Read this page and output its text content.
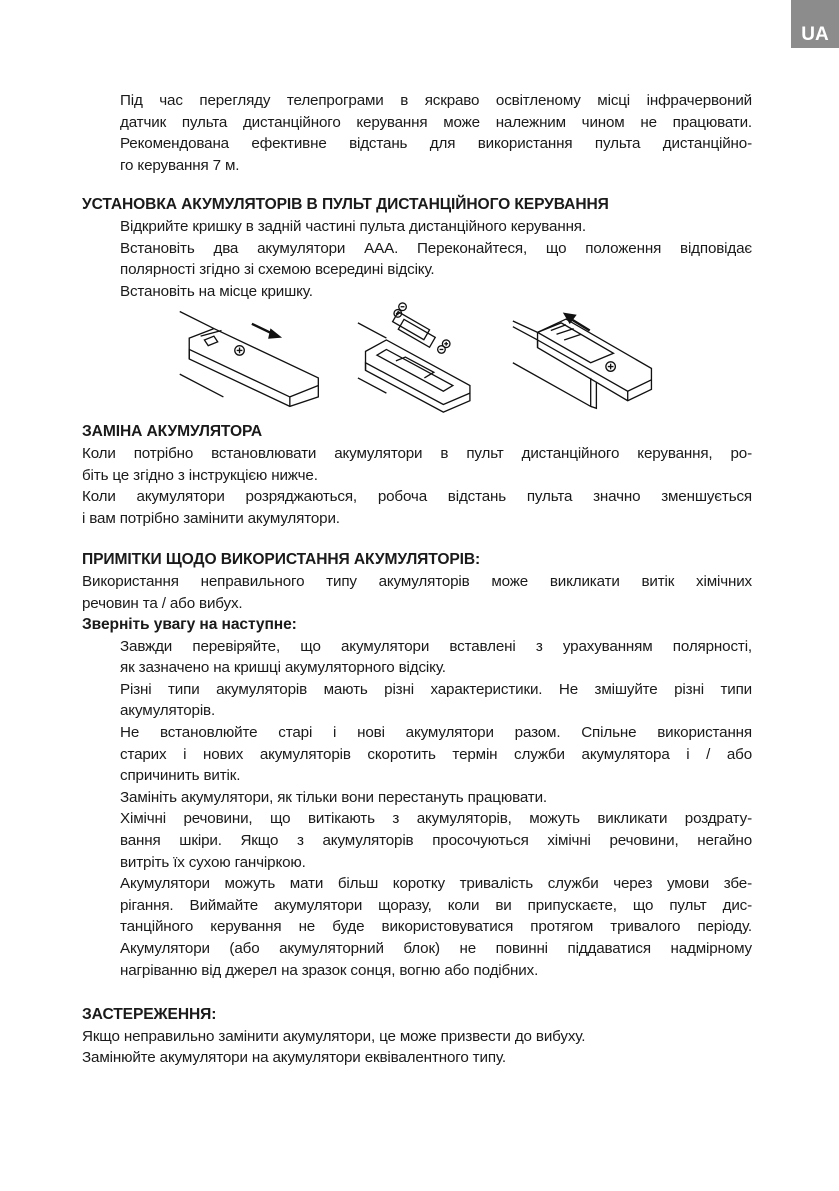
UA
Під час перегляду телепрограми в яскраво освітленому місці інфрачервоний
датчик пульта дистанційного керування може належним чином не працювати.
Рекомендована ефективне відстань для використання пульта дистанційно-
го керування 7 м.
УСТАНОВКА АКУМУЛЯТОРІВ В ПУЛЬТ ДИСТАНЦІЙНОГО КЕРУВАННЯ
Відкрийте кришку в задній частині пульта дистанційного керування.
Встановіть два акумулятори ААА. Переконайтеся, що положення відповідає
полярності згідно зі схемою всередині відсіку.
Встановіть на місце кришку.
ЗАМІНА АКУМУЛЯТОРА
Коли потрібно встановлювати акумулятори в пульт дистанційного керування, ро-
біть це згідно з інструкцією нижче.
Коли акумулятори розряджаються, робоча відстань пульта значно зменшується
і вам потрібно замінити акумулятори.
ПРИМІТКИ ЩОДО ВИКОРИСТАННЯ АКУМУЛЯТОРІВ:
Використання неправильного типу акумуляторів може викликати витік хімічних
речовин та / або вибух.
Зверніть увагу на наступне:
Завжди перевіряйте, що акумулятори вставлені з урахуванням полярності,
як зазначено на кришці акумуляторного відсіку.
Різні типи акумуляторів мають різні характеристики. Не змішуйте різні типи
акумуляторів.
Не встановлюйте старі і нові акумулятори разом. Спільне використання
старих і нових акумуляторів скоротить термін служби акумулятора і / або
спричинить витік.
Замініть акумулятори, як тільки вони перестануть працювати.
Хімічні речовини, що витікають з акумуляторів, можуть викликати роздрату-
вання шкіри. Якщо з акумуляторів просочуються хімічні речовини, негайно
витріть їх сухою ганчіркою.
Акумулятори можуть мати більш коротку тривалість служби через умови збе-
рігання. Виймайте акумулятори щоразу, коли ви припускаєте, що пульт дис-
танційного керування не буде використовуватися протягом тривалого періоду.
Акумулятори (або акумуляторний блок) не повинні піддаватися надмірному
нагріванню від джерел на зразок сонця, вогню або подібних.
ЗАСТЕРЕЖЕННЯ:
Якщо неправильно замінити акумулятори, це може призвести до вибуху.
Замінюйте акумулятори на акумулятори еквівалентного типу.
